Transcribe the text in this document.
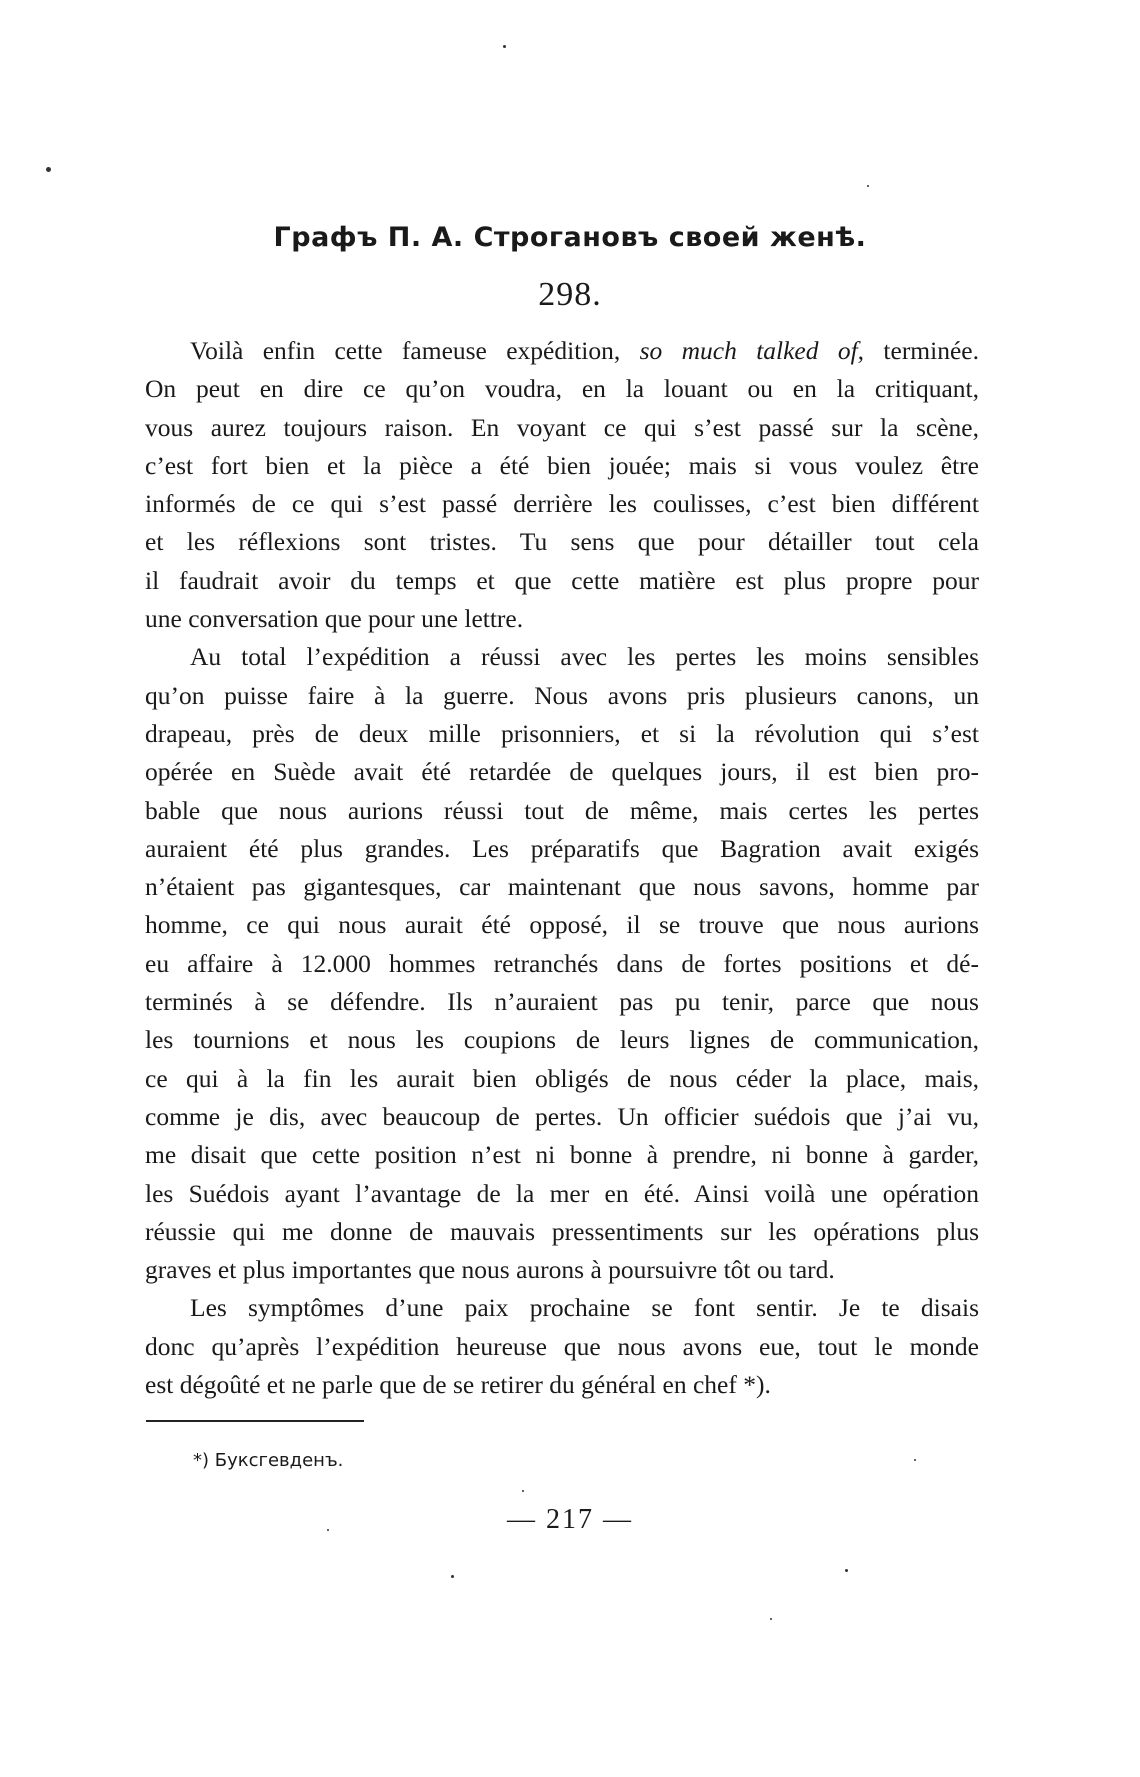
Графъ П. А. Строгановъ своей женѣ.
298.
Voilà enfin cette fameuse expédition, so much talked of, terminée.
On peut en dire ce qu’on voudra, en la louant ou en la critiquant,
vous aurez toujours raison. En voyant ce qui s’est passé sur la scène,
c’est fort bien et la pièce a été bien jouée; mais si vous voulez être
informés de ce qui s’est passé derrière les coulisses, c’est bien différent
et les réflexions sont tristes. Tu sens que pour détailler tout cela
il faudrait avoir du temps et que cette matière est plus propre pour
une conversation que pour une lettre.
Au total l’expédition a réussi avec les pertes les moins sensibles
qu’on puisse faire à la guerre. Nous avons pris plusieurs canons, un
drapeau, près de deux mille prisonniers, et si la révolution qui s’est
opérée en Suède avait été retardée de quelques jours, il est bien pro-
bable que nous aurions réussi tout de même, mais certes les pertes
auraient été plus grandes. Les préparatifs que Bagration avait exigés
n’étaient pas gigantesques, car maintenant que nous savons, homme par
homme, ce qui nous aurait été opposé, il se trouve que nous aurions
eu affaire à 12.000 hommes retranchés dans de fortes positions et dé-
terminés à se défendre. Ils n’auraient pas pu tenir, parce que nous
les tournions et nous les coupions de leurs lignes de communication,
ce qui à la fin les aurait bien obligés de nous céder la place, mais,
comme je dis, avec beaucoup de pertes. Un officier suédois que j’ai vu,
me disait que cette position n’est ni bonne à prendre, ni bonne à garder,
les Suédois ayant l’avantage de la mer en été. Ainsi voilà une opération
réussie qui me donne de mauvais pressentiments sur les opérations plus
graves et plus importantes que nous aurons à poursuivre tôt ou tard.
Les symptômes d’une paix prochaine se font sentir. Je te disais
donc qu’après l’expédition heureuse que nous avons eue, tout le monde
est dégoûté et ne parle que de se retirer du général en chef *).
*) Буксгевденъ.
— 217 —
